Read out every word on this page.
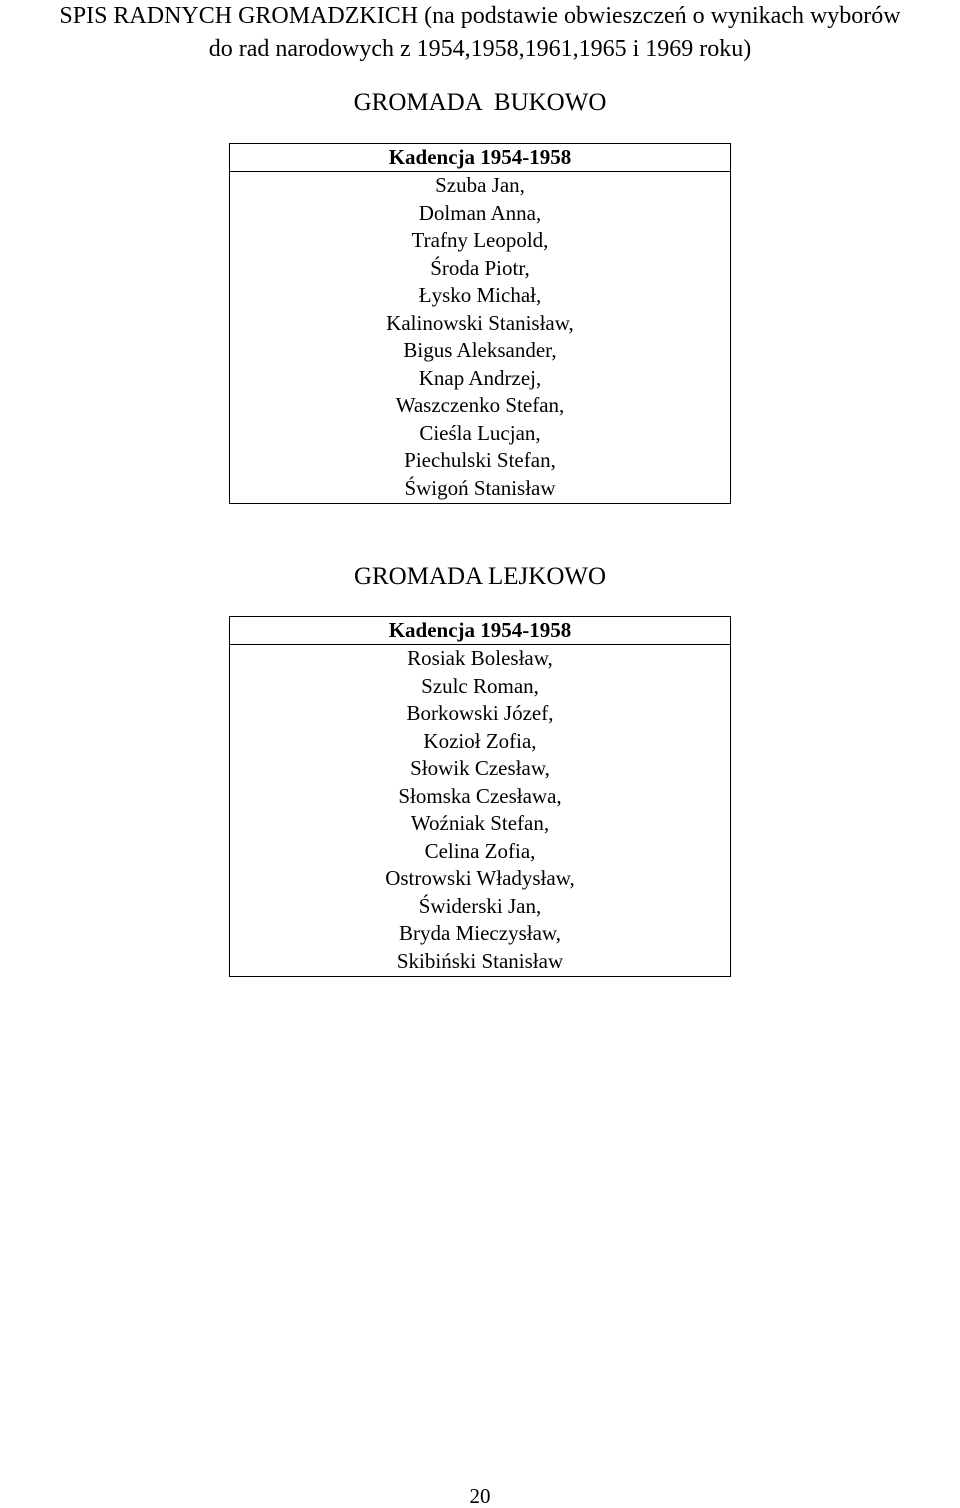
SPIS RADNYCH GROMADZKICH (na podstawie obwieszczeń o wynikach wyborów
do rad narodowych z 1954,1958,1961,1965 i 1969 roku)
GROMADA  BUKOWO
Kadencja 1954-1958

Szuba Jan,
Dolman Anna,
Trafny Leopold,
Środa Piotr,
Łysko Michał,
Kalinowski Stanisław,
Bigus Aleksander,
Knap Andrzej,
Waszczenko Stefan,
Cieśla Lucjan,
Piechulski Stefan,
Świgoń Stanisław
GROMADA LEJKOWO
Kadencja 1954-1958

Rosiak Bolesław,
Szulc Roman,
Borkowski Józef,
Kozioł Zofia,
Słowik Czesław,
Słomska Czesława,
Woźniak Stefan,
Celina Zofia,
Ostrowski Władysław,
Świderski Jan,
Bryda Mieczysław,
Skibiński Stanisław
20
